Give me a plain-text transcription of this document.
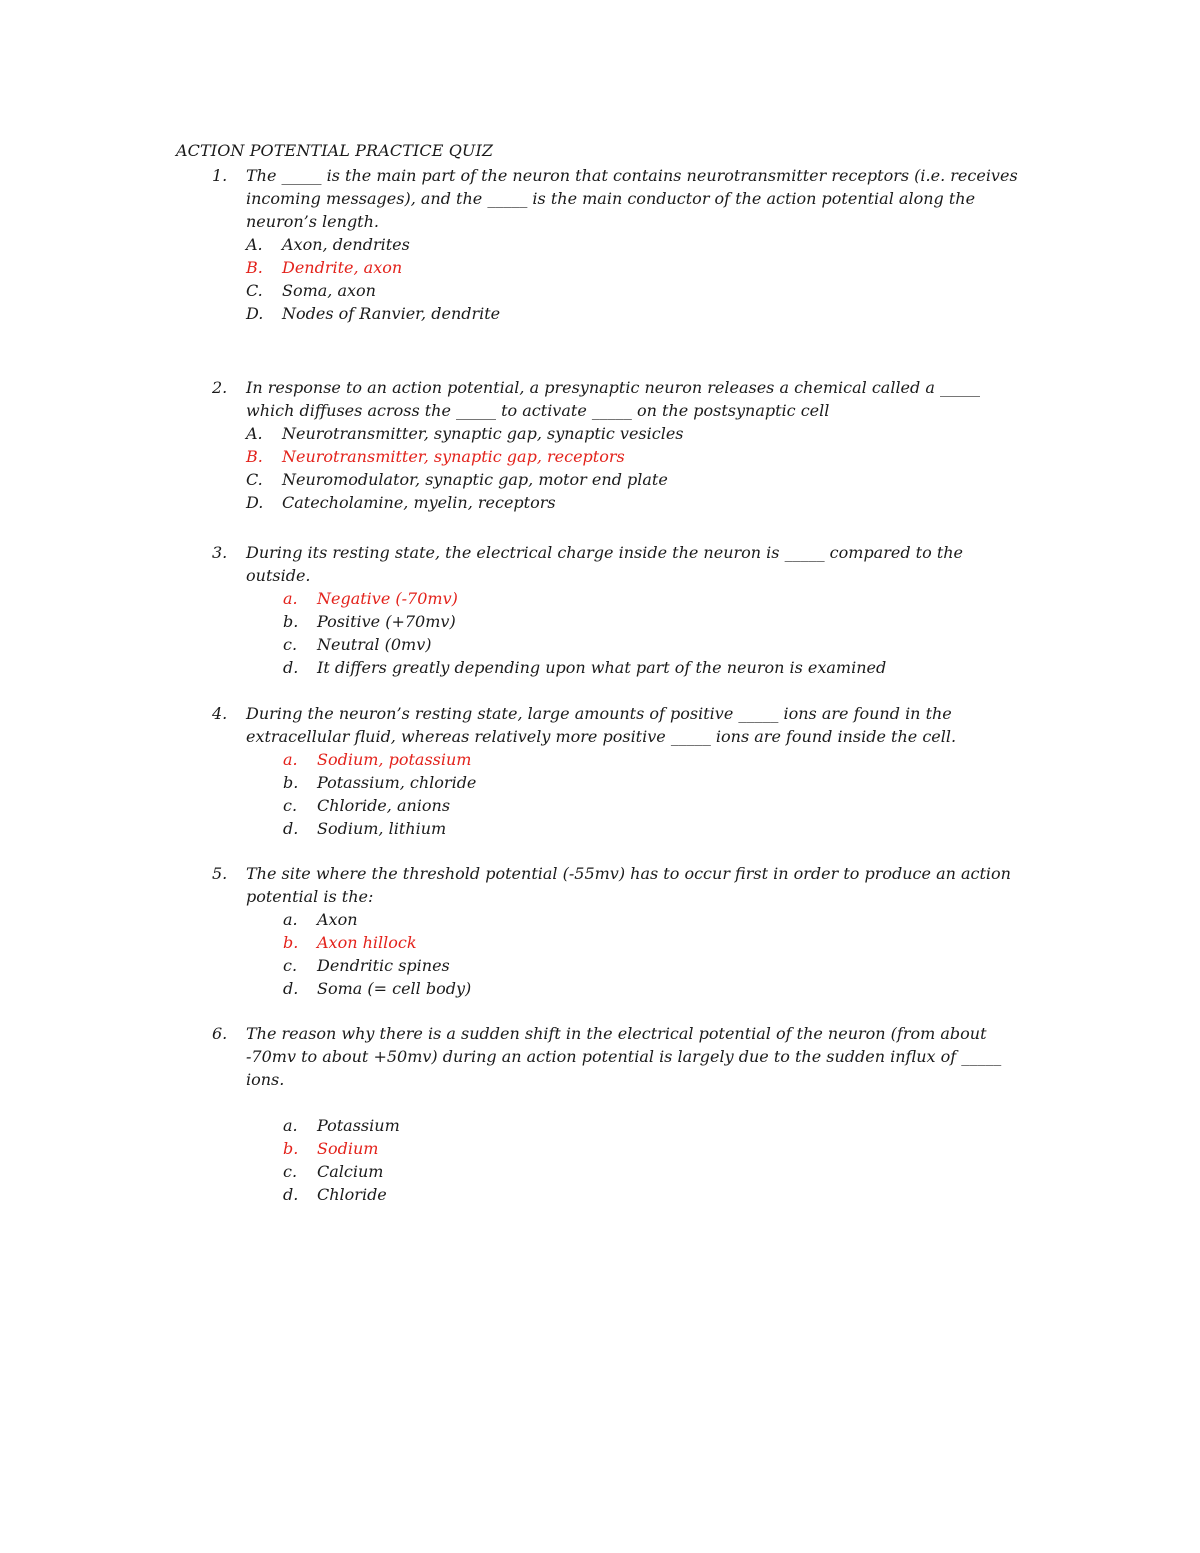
ACTION POTENTIAL PRACTICE QUIZ
1.	The _____ is the main part of the neuron that contains neurotransmitter receptors (i.e. receives incoming messages), and the _____ is the main conductor of the action potential along the neuron’s length.
A. Axon, dendrites
B. Dendrite, axon
C. Soma, axon
D. Nodes of Ranvier, dendrite
2.	In response to an action potential, a presynaptic neuron releases a chemical called a _____ which diffuses across the _____ to activate _____ on the postsynaptic cell
A. Neurotransmitter, synaptic gap, synaptic vesicles
B. Neurotransmitter, synaptic gap, receptors
C. Neuromodulator, synaptic gap, motor end plate
D. Catecholamine, myelin, receptors
3.	During its resting state, the electrical charge inside the neuron is _____ compared to the outside.
a. Negative (-70mv)
b. Positive (+70mv)
c. Neutral (0mv)
d. It differs greatly depending upon what part of the neuron is examined
4.	During the neuron’s resting state, large amounts of positive _____ ions are found in the extracellular fluid, whereas relatively more positive _____ ions are found inside the cell.
a. Sodium, potassium
b. Potassium, chloride
c. Chloride, anions
d. Sodium, lithium
5.	The site where the threshold potential (-55mv) has to occur first in order to produce an action potential is the:
a. Axon
b. Axon hillock
c. Dendritic spines
d. Soma (= cell body)
6.	The reason why there is a sudden shift in the electrical potential of the neuron (from about -70mv to about +50mv) during an action potential is largely due to the sudden influx of _____ ions.
a. Potassium
b. Sodium
c. Calcium
d. Chloride
